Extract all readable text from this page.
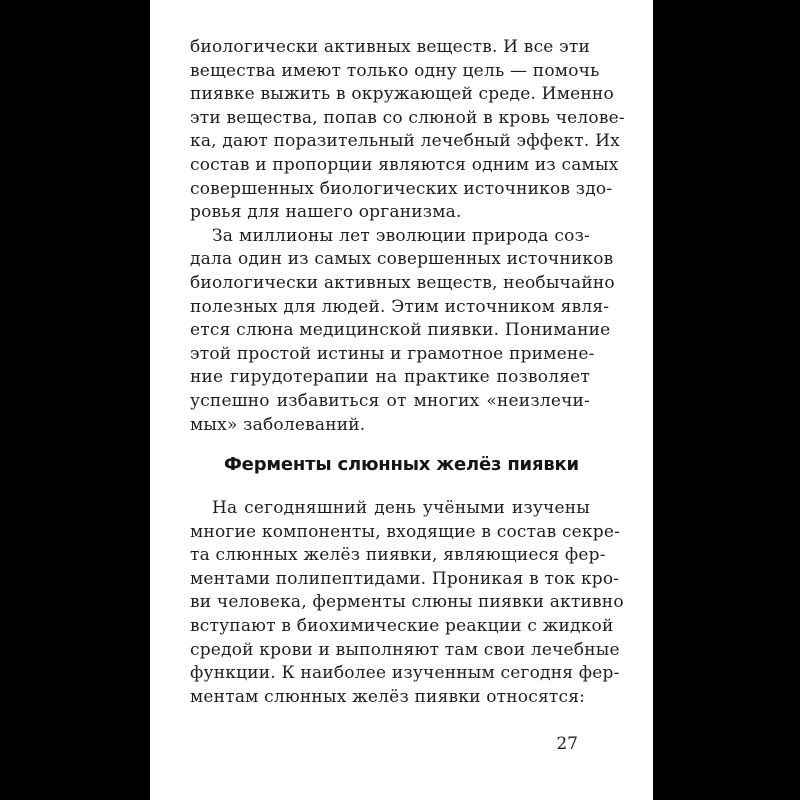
биологически активных веществ. И все эти
вещества имеют только одну цель — помочь
пиявке выжить в окружающей среде. Именно
эти вещества, попав со слюной в кровь челове-
ка, дают поразительный лечебный эффект. Их
состав и пропорции являются одним из самых
совершенных биологических источников здо-
ровья для нашего организма.
За миллионы лет эволюции природа соз-
дала один из самых совершенных источников
биологически активных веществ, необычайно
полезных для людей. Этим источником явля-
ется слюна медицинской пиявки. Понимание
этой простой истины и грамотное примене-
ние гирудотерапии на практике позволяет
успешно избавиться от многих «неизлечи-
мых» заболеваний.
Ферменты слюнных желёз пиявки
На сегодняшний день учёными изучены
многие компоненты, входящие в состав секре-
та слюнных желёз пиявки, являющиеся фер-
ментами полипептидами. Проникая в ток кро-
ви человека, ферменты слюны пиявки активно
вступают в биохимические реакции с жидкой
средой крови и выполняют там свои лечебные
функции. К наиболее изученным сегодня фер-
ментам слюнных желёз пиявки относятся:
27
